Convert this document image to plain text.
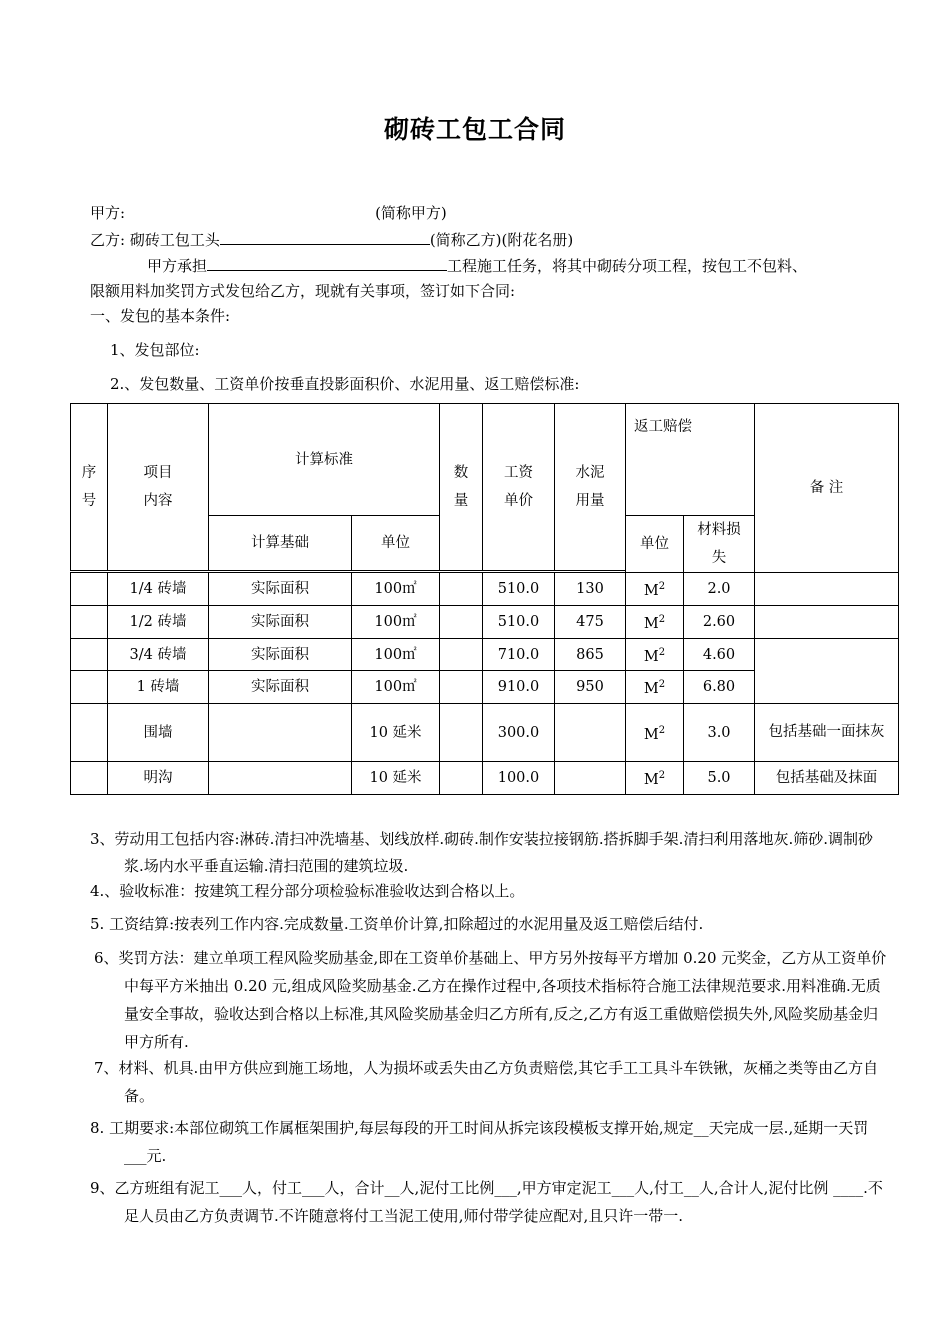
砌砖工包工合同
甲方:	(简称甲方)
乙方: 砌砖工包工头	(简称乙方)(附花名册)
甲方承担	工程施工任务，将其中砌砖分项工程，按包工不包料、
限额用料加奖罚方式发包给乙方，现就有关事项，签订如下合同:
一、发包的基本条件:
1、发包部位:
2.、发包数量、工资单价按垂直投影面积价、水泥用量、返工赔偿标准:
序号	项目内容	计算标准		数量	工资单价	水泥用量	返工赔偿		备 注
		计算基础	单位				单位	材料损失	

	1/4 砖墙	实际面积	100㎡		510.0	130	$M^2$	2.0	
	1/2 砖墙	实际面积	100㎡		510.0	475	$M^2$	2.60	
	3/4 砖墙	实际面积	100㎡		710.0	865	$M^2$	4.60	
	1 砖墙	实际面积	100㎡		910.0	950	$M^2$	6.80	
	围墙		10 延米		300.0		$M^2$	3.0	包括基础一面抹灰
	明沟		10 延米		100.0		$M^2$	5.0	包括基础及抹面
3、劳动用工包括内容:淋砖.清扫冲洗墙基、划线放样.砌砖.制作安装拉接钢筋.搭拆脚手架.清扫利用落地灰.筛砂.调制砂浆.场内水平垂直运输.清扫范围的建筑垃圾.
4.、验收标准：按建筑工程分部分项检验标准验收达到合格以上。
5. 工资结算:按表列工作内容.完成数量.工资单价计算,扣除超过的水泥用量及返工赔偿后结付.
6、奖罚方法：建立单项工程风险奖励基金,即在工资单价基础上、甲方另外按每平方增加 0.20 元奖金，乙方从工资单价中每平方米抽出 0.20 元,组成风险奖励基金.乙方在操作过程中,各项技术指标符合施工法律规范要求.用料准确.无质量安全事故，验收达到合格以上标准,其风险奖励基金归乙方所有,反之,乙方有返工重做赔偿损失外,风险奖励基金归甲方所有.
7、材料、机具.由甲方供应到施工场地，人为损坏或丢失由乙方负责赔偿,其它手工工具斗车铁锹，灰桶之类等由乙方自备。
8. 工期要求:本部位砌筑工作属框架围护,每层每段的开工时间从拆完该段模板支撑开始,规定__天完成一层.,延期一天罚___元.
9、乙方班组有泥工___人，付工___人，合计__人,泥付工比例___,甲方审定泥工___人,付工__人,合计人,泥付比例 ____.不足人员由乙方负责调节.不许随意将付工当泥工使用,师付带学徒应配对,且只许一带一.
